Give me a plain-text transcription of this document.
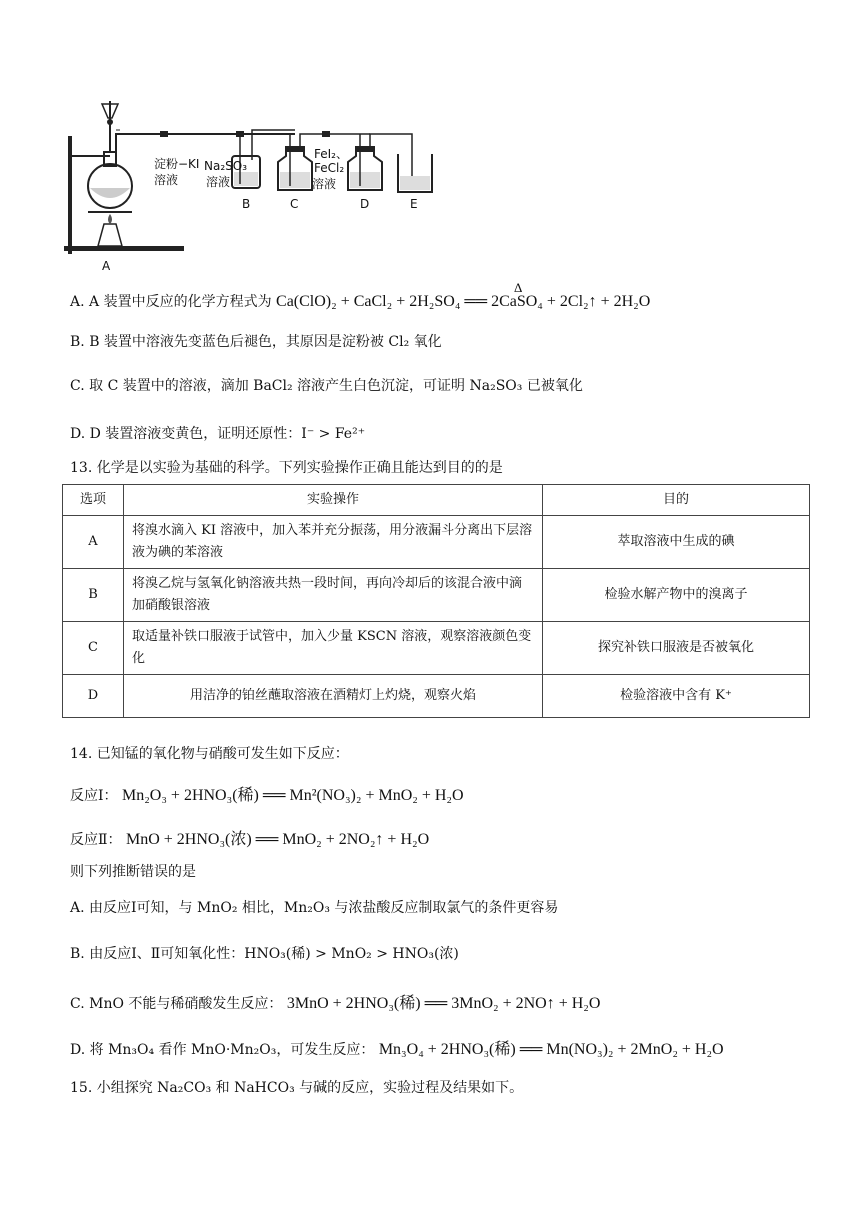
淀粉−KI
溶液
Na₂SO₃
溶液
FeI₂、
FeCl₂
溶液
A
B	C	D	E
A. A 装置中反应的化学方程式为
Δ
Ca(ClO)₂ + CaCl₂ + 2H₂SO₄ ══ 2CaSO₄ + 2Cl₂↑ + 2H₂O
B. B 装置中溶液先变蓝色后褪色，其原因是淀粉被 Cl₂ 氧化
C. 取 C 装置中的溶液，滴加 BaCl₂ 溶液产生白色沉淀，可证明 Na₂SO₃ 已被氧化
D. D 装置溶液变黄色，证明还原性：I⁻ > Fe²⁺
13. 化学是以实验为基础的科学。下列实验操作正确且能达到目的的是
选项	实验操作	目的
A	将溴水滴入 KI 溶液中，加入苯并充分振荡，用分液漏斗分离出下层溶液为碘的苯溶液	萃取溶液中生成的碘
B	将溴乙烷与氢氧化钠溶液共热一段时间，再向冷却后的该混合液中滴加硝酸银溶液	检验水解产物中的溴离子
C	取适量补铁口服液于试管中，加入少量 KSCN 溶液，观察溶液颜色变化	探究补铁口服液是否被氧化
D	用洁净的铂丝蘸取溶液在酒精灯上灼烧，观察火焰	检验溶液中含有 K⁺
14. 已知锰的氧化物与硝酸可发生如下反应：
反应Ⅰ： Mn₂O₃ + 2HNO₃(稀) ══ Mn²(NO₃)₂ + MnO₂ + H₂O
反应Ⅱ： MnO + 2HNO₃(浓) ══ MnO₂ + 2NO₂↑ + H₂O
则下列推断错误的是
A. 由反应Ⅰ可知，与 MnO₂ 相比，Mn₂O₃ 与浓盐酸反应制取氯气的条件更容易
B. 由反应Ⅰ、Ⅱ可知氧化性：HNO₃(稀) > MnO₂ > HNO₃(浓)
C. MnO 不能与稀硝酸发生反应： 3MnO + 2HNO₃(稀) ══ 3MnO₂ + 2NO↑ + H₂O
D. 将 Mn₃O₄ 看作 MnO·Mn₂O₃，可发生反应： Mn₃O₄ + 2HNO₃(稀) ══ Mn(NO₃)₂ + 2MnO₂ + H₂O
15. 小组探究 Na₂CO₃ 和 NaHCO₃ 与碱的反应，实验过程及结果如下。
